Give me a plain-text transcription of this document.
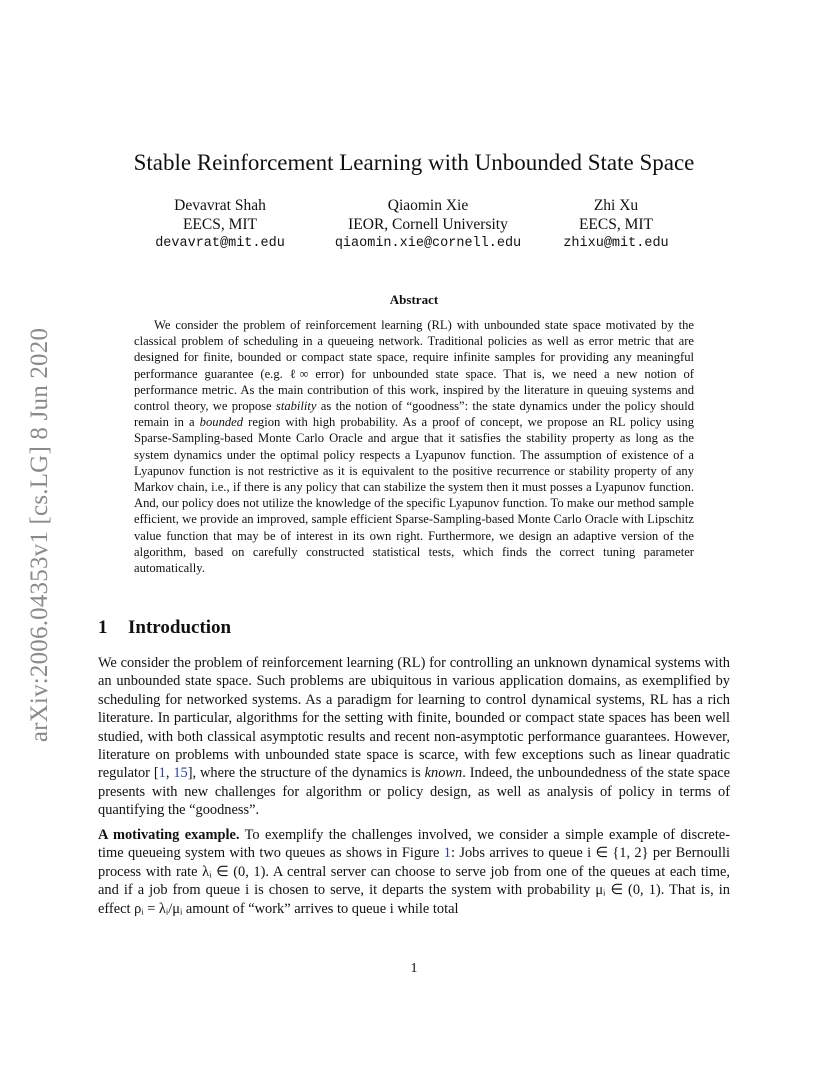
arXiv:2006.04353v1 [cs.LG] 8 Jun 2020
Stable Reinforcement Learning with Unbounded State Space
Devavrat Shah
EECS, MIT
devavrat@mit.edu
Qiaomin Xie
IEOR, Cornell University
qiaomin.xie@cornell.edu
Zhi Xu
EECS, MIT
zhixu@mit.edu
Abstract
We consider the problem of reinforcement learning (RL) with unbounded state space motivated by the classical problem of scheduling in a queueing network. Traditional policies as well as error metric that are designed for finite, bounded or compact state space, require infinite samples for providing any meaningful performance guarantee (e.g. ℓ∞ error) for unbounded state space. That is, we need a new notion of performance metric. As the main contribution of this work, inspired by the literature in queuing systems and control theory, we propose stability as the notion of “goodness”: the state dynamics under the policy should remain in a bounded region with high probability. As a proof of concept, we propose an RL policy using Sparse-Sampling-based Monte Carlo Oracle and argue that it satisfies the stability property as long as the system dynamics under the optimal policy respects a Lyapunov function. The assumption of existence of a Lyapunov function is not restrictive as it is equivalent to the positive recurrence or stability property of any Markov chain, i.e., if there is any policy that can stabilize the system then it must posses a Lyapunov function. And, our policy does not utilize the knowledge of the specific Lyapunov function. To make our method sample efficient, we provide an improved, sample efficient Sparse-Sampling-based Monte Carlo Oracle with Lipschitz value function that may be of interest in its own right. Furthermore, we design an adaptive version of the algorithm, based on carefully constructed statistical tests, which finds the correct tuning parameter automatically.
1 Introduction
We consider the problem of reinforcement learning (RL) for controlling an unknown dynamical systems with an unbounded state space. Such problems are ubiquitous in various application domains, as exemplified by scheduling for networked systems. As a paradigm for learning to control dynamical systems, RL has a rich literature. In particular, algorithms for the setting with finite, bounded or compact state spaces has been well studied, with both classical asymptotic results and recent non-asymptotic performance guarantees. However, literature on problems with unbounded state space is scarce, with few exceptions such as linear quadratic regulator [1, 15], where the structure of the dynamics is known. Indeed, the unboundedness of the state space presents with new challenges for algorithm or policy design, as well as analysis of policy in terms of quantifying the “goodness”.
A motivating example. To exemplify the challenges involved, we consider a simple example of discrete-time queueing system with two queues as shows in Figure 1: Jobs arrives to queue i ∈ {1, 2} per Bernoulli process with rate λᵢ ∈ (0, 1). A central server can choose to serve job from one of the queues at each time, and if a job from queue i is chosen to serve, it departs the system with probability μᵢ ∈ (0, 1). That is, in effect ρᵢ = λᵢ/μᵢ amount of “work” arrives to queue i while total
1
